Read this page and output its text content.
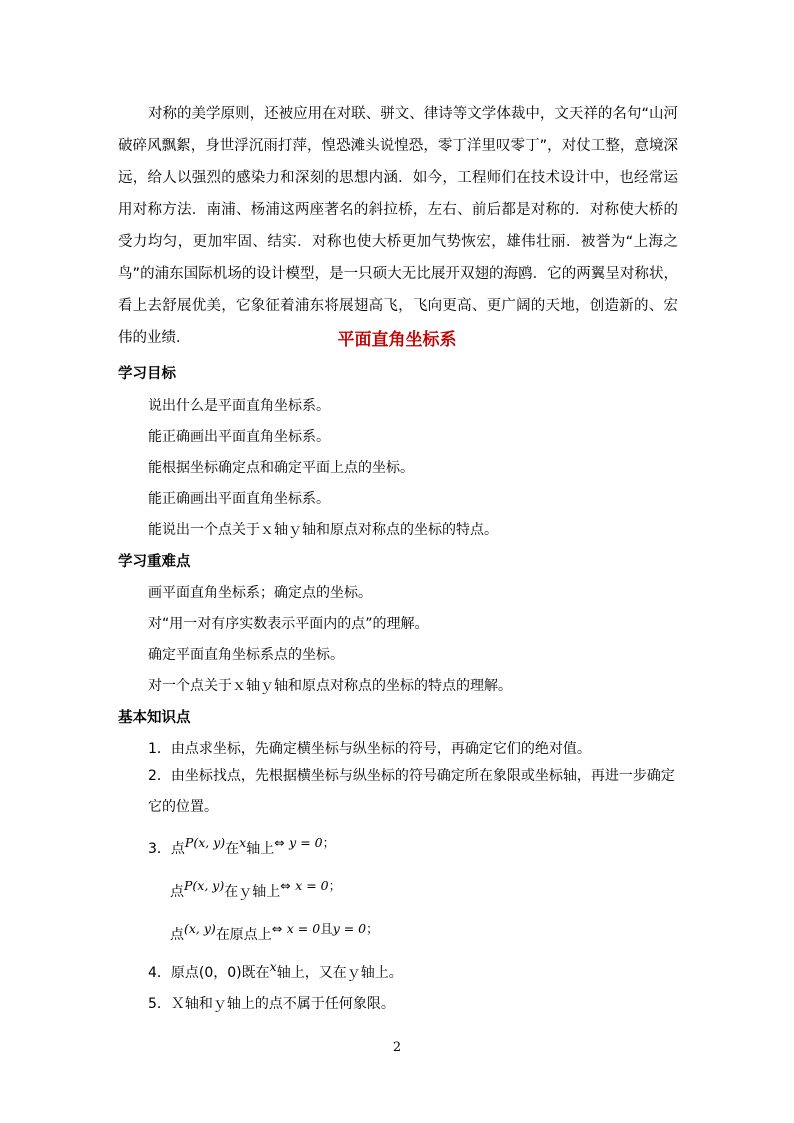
对称的美学原则，还被应用在对联、骈文、律诗等文学体裁中，文天祥的名句“山河破碎风飘絮，身世浮沉雨打萍，惶恐滩头说惶恐，零丁洋里叹零丁”，对仗工整，意境深远，给人以强烈的感染力和深刻的思想内涵．如今，工程师们在技术设计中，也经常运用对称方法．南浦、杨浦这两座著名的斜拉桥，左右、前后都是对称的．对称使大桥的受力均匀，更加牢固、结实．对称也使大桥更加气势恢宏，雄伟壮丽．被誉为“上海之鸟”的浦东国际机场的设计模型，是一只硕大无比展开双翅的海鸥．它的两翼呈对称状，看上去舒展优美，它象征着浦东将展翅高飞，飞向更高、更广阔的天地，创造新的、宏伟的业绩．	平面直角坐标系
学习目标
说出什么是平面直角坐标系。
能正确画出平面直角坐标系。
能根据坐标确定点和确定平面上点的坐标。
能正确画出平面直角坐标系。
能说出一个点关于ｘ轴ｙ轴和原点对称点的坐标的特点。
学习重难点
画平面直角坐标系；确定点的坐标。
对“用一对有序实数表示平面内的点”的理解。
确定平面直角坐标系点的坐标。
对一个点关于ｘ轴ｙ轴和原点对称点的坐标的特点的理解。
基本知识点
1．由点求坐标，先确定横坐标与纵坐标的符号，再确定它们的绝对值。

2．由坐标找点，先根据横坐标与纵坐标的符号确定所在象限或坐标轴，再进一步确定它的位置。

3．点P(x, y)在x轴上⇔ y = 0；
点P(x, y)在ｙ轴上⇔ x = 0；
点(x, y)在原点上⇔ x = 0且y = 0；
4．原点(0，0)既在x轴上，又在ｙ轴上。
5．Ｘ轴和ｙ轴上的点不属于任何象限。
2
